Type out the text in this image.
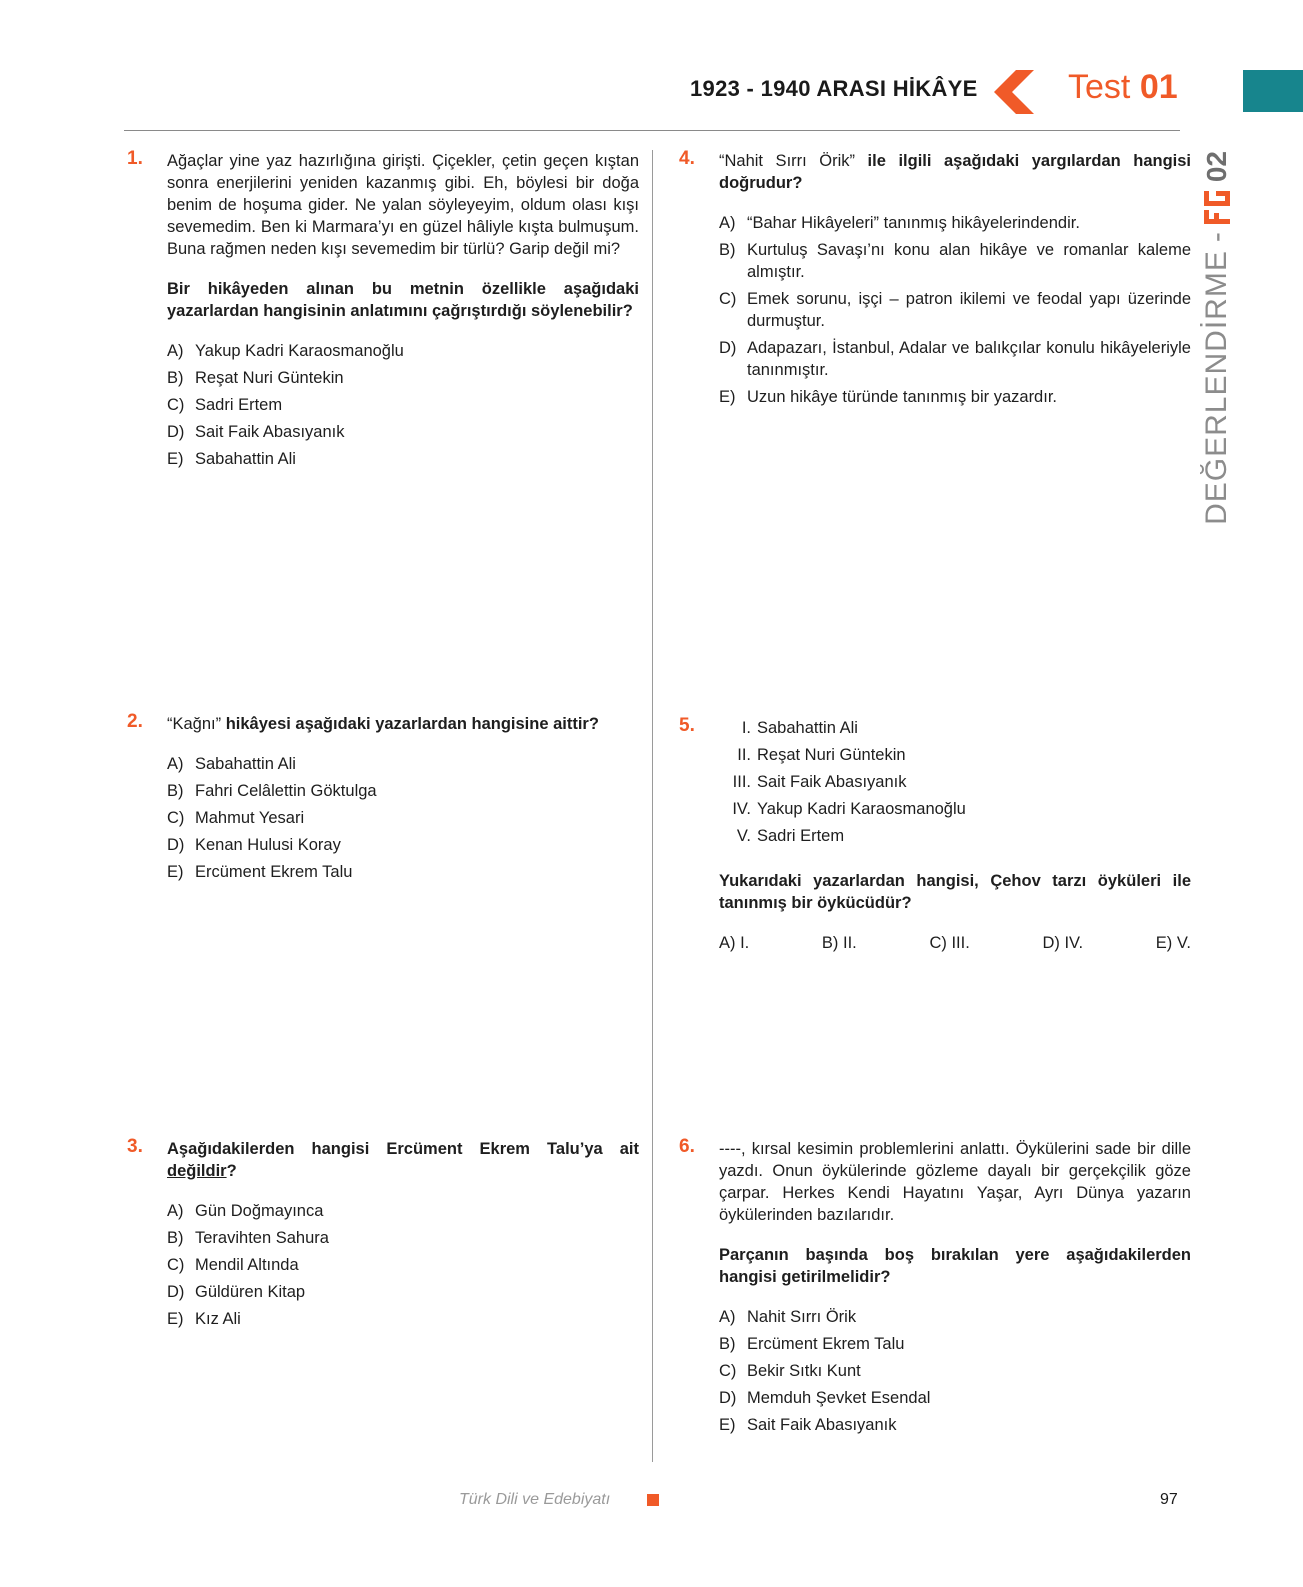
1923 - 1940 ARASI HİKÂYE	Test 01
DEĞERLENDİRME
-
02
1. Ağaçlar yine yaz hazırlığına girişti. Çiçekler, çetin geçen kıştan sonra enerjilerini yeniden kazanmış gibi. Eh, böylesi bir doğa benim de hoşuma gider. Ne yalan söyleyeyim, oldum olası kışı sevemedim. Ben ki Marmara’yı en güzel hâliyle kışta bulmuşum. Buna rağmen neden kışı sevemedim bir türlü? Garip değil mi?

Bir hikâyeden alınan bu metnin özellikle aşağıdaki yazarlardan hangisinin anlatımını çağrıştırdığı söylenebilir?

A) Yakup Kadri Karaosmanoğlu
B) Reşat Nuri Güntekin
C) Sadri Ertem
D) Sait Faik Abasıyanık
E) Sabahattin Ali
2. “Kağnı” hikâyesi aşağıdaki yazarlardan hangisine aittir?

A) Sabahattin Ali
B) Fahri Celâlettin Göktulga
C) Mahmut Yesari
D) Kenan Hulusi Koray
E) Ercüment Ekrem Talu
3. Aşağıdakilerden hangisi Ercüment Ekrem Talu’ya ait değildir?

A) Gün Doğmayınca
B) Teravihten Sahura
C) Mendil Altında
D) Güldüren Kitap
E) Kız Ali
4. “Nahit Sırrı Örik” ile ilgili aşağıdaki yargılardan hangisi doğrudur?

A) “Bahar Hikâyeleri” tanınmış hikâyelerindendir.
B) Kurtuluş Savaşı’nı konu alan hikâye ve romanlar kaleme almıştır.
C) Emek sorunu, işçi – patron ikilemi ve feodal yapı üzerinde durmuştur.
D) Adapazarı, İstanbul, Adalar ve balıkçılar konulu hikâyeleriyle tanınmıştır.
E) Uzun hikâye türünde tanınmış bir yazardır.
5.	I. Sabahattin Ali
II. Reşat Nuri Güntekin
III. Sait Faik Abasıyanık
IV. Yakup Kadri Karaosmanoğlu
V. Sadri Ertem

Yukarıdaki yazarlardan hangisi, Çehov tarzı öyküleri ile tanınmış bir öykücüdür?

A) I.	B) II.	C) III.	D) IV.	E) V.
6. ----, kırsal kesimin problemlerini anlattı. Öykülerini sade bir dille yazdı. Onun öykülerinde gözleme dayalı bir gerçekçilik göze çarpar. Herkes Kendi Hayatını Yaşar, Ayrı Dünya yazarın öykülerinden bazılarıdır.

Parçanın başında boş bırakılan yere aşağıdakilerden hangisi getirilmelidir?

A) Nahit Sırrı Örik
B) Ercüment Ekrem Talu
C) Bekir Sıtkı Kunt
D) Memduh Şevket Esendal
E) Sait Faik Abasıyanık
Türk Dili ve Edebiyatı	97
